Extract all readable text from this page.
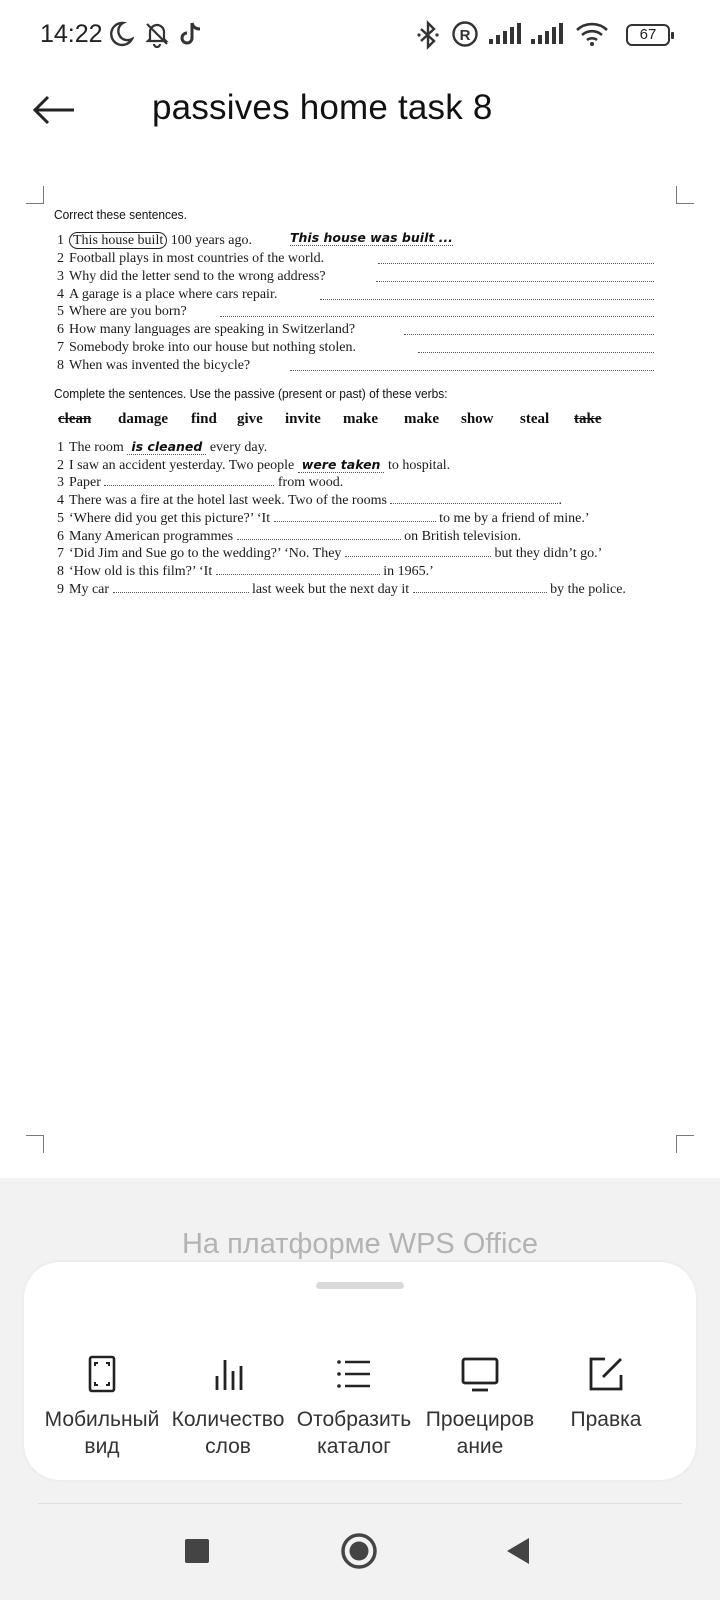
14:22	R	67
passives home task 8
Correct these sentences.
1 This house built 100 years ago.	This house was built ...
2 Football plays in most countries of the world.
3 Why did the letter send to the wrong address?
4 A garage is a place where cars repair.
5 Where are you born?
6 How many languages are speaking in Switzerland?
7 Somebody broke into our house but nothing stolen.
8 When was invented the bicycle?
Complete the sentences. Use the passive (present or past) of these verbs:
clean damage find give invite make make show steal take
1 The room is cleaned every day.
2 I saw an accident yesterday. Two people were taken to hospital.
3 Paper	from wood.
4 There was a fire at the hotel last week. Two of the rooms	.
5 ‘Where did you get this picture?’ ‘It	to me by a friend of mine.’
6 Many American programmes	on British television.
7 ‘Did Jim and Sue go to the wedding?’ ‘No. They	but they didn’t go.’
8 ‘How old is this film?’ ‘It	in 1965.’
9 My car	last week but the next day it	by the police.
На платформе WPS Office
Мобильный
вид
Количество
слов
Отобразить
каталог
Проециров
ание
Правка
